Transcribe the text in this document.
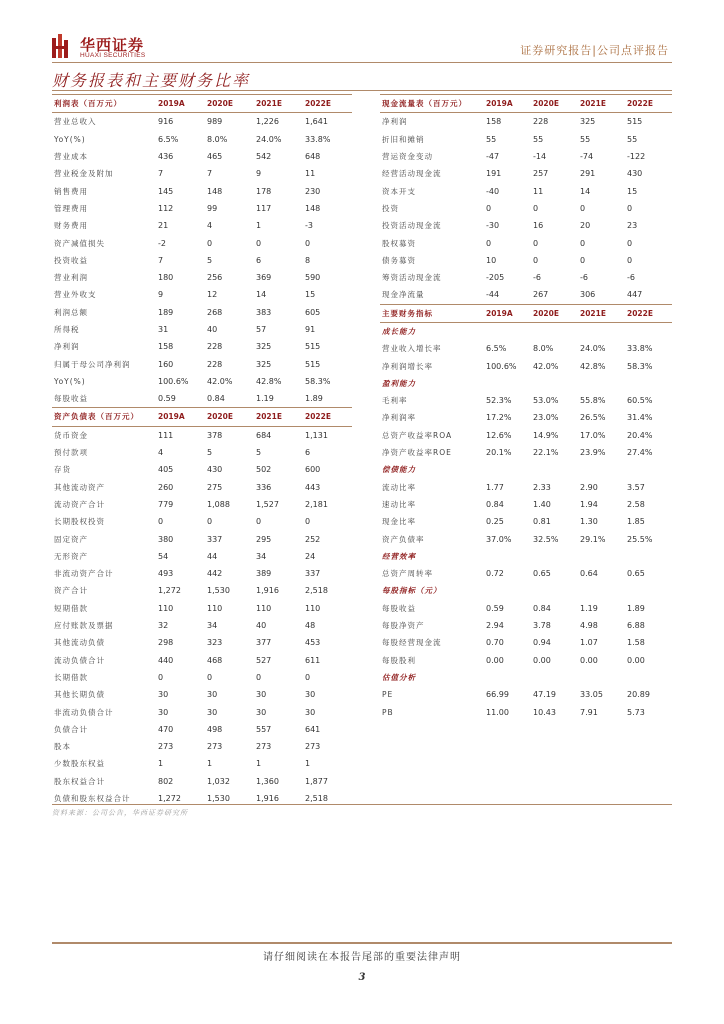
华西证券
HUAXI SECURITIES	证券研究报告|公司点评报告
财务报表和主要财务比率
利润表（百万元）	2019A	2020E	2021E	2022E
营业总收入	916	989	1,226	1,641
YoY(%)	6.5%	8.0%	24.0%	33.8%
营业成本	436	465	542	648
营业税金及附加	7	7	9	11
销售费用	145	148	178	230
管理费用	112	99	117	148
财务费用	21	4	1	-3
资产减值损失	-2	0	0	0
投资收益	7	5	6	8
营业利润	180	256	369	590
营业外收支	9	12	14	15
利润总额	189	268	383	605
所得税	31	40	57	91
净利润	158	228	325	515
归属于母公司净利润	160	228	325	515
YoY(%)	100.6%	42.0%	42.8%	58.3%
每股收益	0.59	0.84	1.19	1.89
资产负债表（百万元）	2019A	2020E	2021E	2022E
货币资金	111	378	684	1,131
预付款项	4	5	5	6
存货	405	430	502	600
其他流动资产	260	275	336	443
流动资产合计	779	1,088	1,527	2,181
长期股权投资	0	0	0	0
固定资产	380	337	295	252
无形资产	54	44	34	24
非流动资产合计	493	442	389	337
资产合计	1,272	1,530	1,916	2,518
短期借款	110	110	110	110
应付账款及票据	32	34	40	48
其他流动负债	298	323	377	453
流动负债合计	440	468	527	611
长期借款	0	0	0	0
其他长期负债	30	30	30	30
非流动负债合计	30	30	30	30
负债合计	470	498	557	641
股本	273	273	273	273
少数股东权益	1	1	1	1
股东权益合计	802	1,032	1,360	1,877
负债和股东权益合计	1,272	1,530	1,916	2,518
现金流量表（百万元）	2019A	2020E	2021E	2022E
净利润	158	228	325	515
折旧和摊销	55	55	55	55
营运资金变动	-47	-14	-74	-122
经营活动现金流	191	257	291	430
资本开支	-40	11	14	15
投资	0	0	0	0
投资活动现金流	-30	16	20	23
股权募资	0	0	0	0
债务募资	10	0	0	0
筹资活动现金流	-205	-6	-6	-6
现金净流量	-44	267	306	447
主要财务指标	2019A	2020E	2021E	2022E
成长能力				
营业收入增长率	6.5%	8.0%	24.0%	33.8%
净利润增长率	100.6%	42.0%	42.8%	58.3%
盈利能力				
毛利率	52.3%	53.0%	55.8%	60.5%
净利润率	17.2%	23.0%	26.5%	31.4%
总资产收益率ROA	12.6%	14.9%	17.0%	20.4%
净资产收益率ROE	20.1%	22.1%	23.9%	27.4%
偿债能力				
流动比率	1.77	2.33	2.90	3.57
速动比率	0.84	1.40	1.94	2.58
现金比率	0.25	0.81	1.30	1.85
资产负债率	37.0%	32.5%	29.1%	25.5%
经营效率				
总资产周转率	0.72	0.65	0.64	0.65
每股指标（元）				
每股收益	0.59	0.84	1.19	1.89
每股净资产	2.94	3.78	4.98	6.88
每股经营现金流	0.70	0.94	1.07	1.58
每股股利	0.00	0.00	0.00	0.00
估值分析				
PE	66.99	47.19	33.05	20.89
PB	11.00	10.43	7.91	5.73
资料来源：公司公告，华西证券研究所
请仔细阅读在本报告尾部的重要法律声明
3
